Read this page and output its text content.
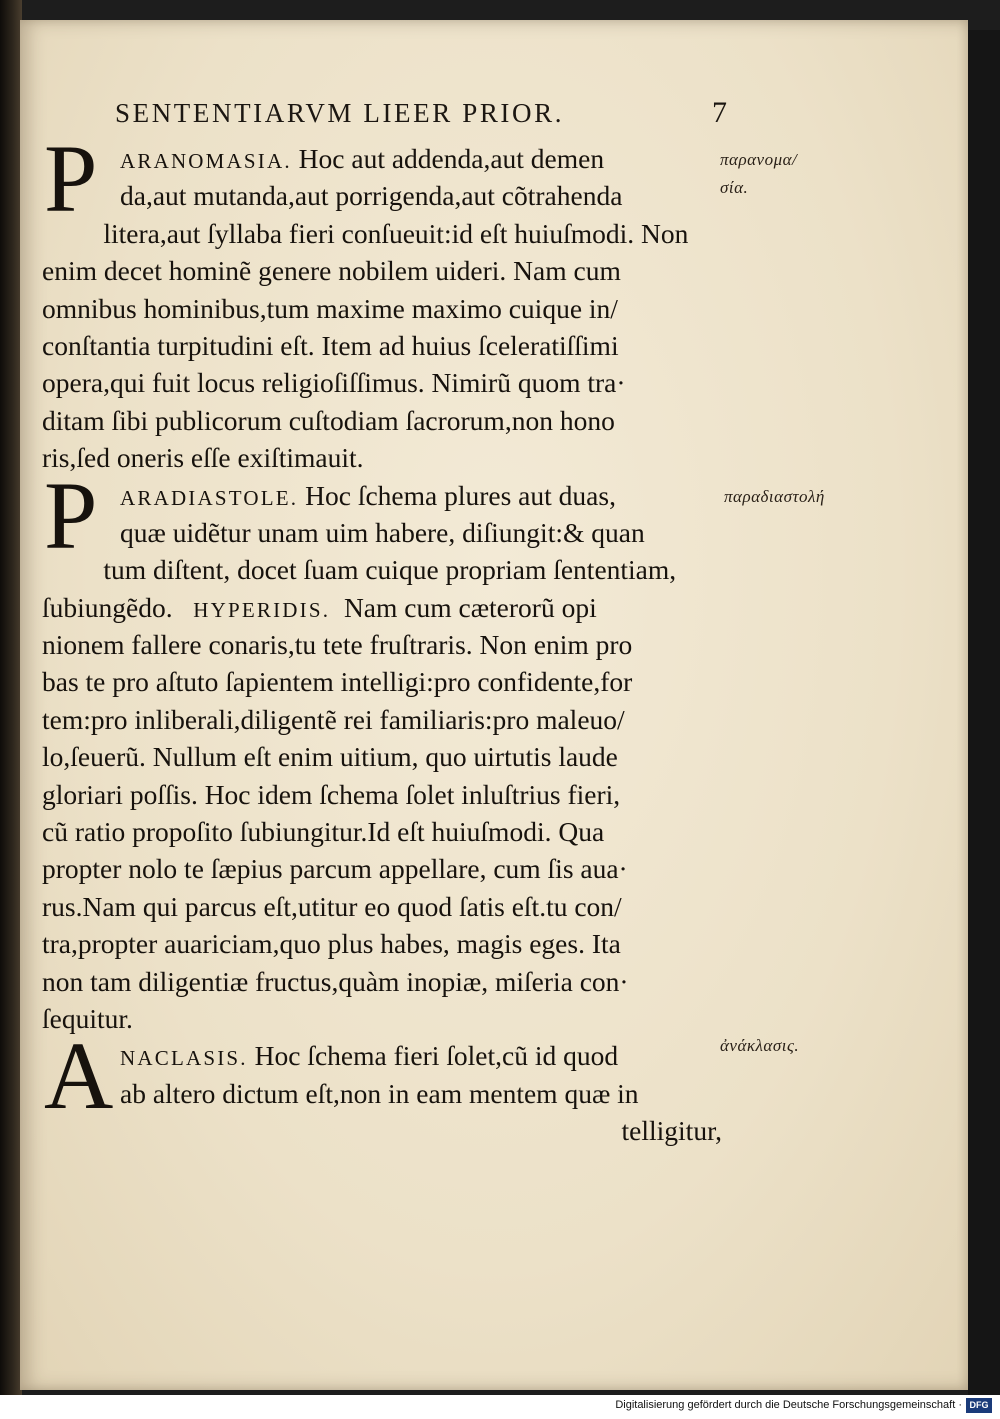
SENTENTIARVM LIEER PRIOR.	7
P	ARANOMASIA. Hoc aut addenda,aut demen
da,aut mutanda,aut porrigenda,aut cõtrahenda
litera,aut ſyllaba fieri conſueuit:id eſt huiuſmodi. Non
enim decet hominẽ genere nobilem uideri. Nam cum
omnibus hominibus,tum maxime maximo cuique in/
conſtantia turpitudini eſt. Item ad huius ſceleratiſſimi
opera,qui fuit locus religioſiſſimus. Nimirũ quom tra·
ditam ſibi publicorum cuſtodiam ſacrorum,non hono
ris,ſed oneris eſſe exiſtimauit.
P	ARADIASTOLE. Hoc ſchema plures aut duas,
quæ uidẽtur unam uim habere, diſiungit:& quan
tum diſtent, docet ſuam cuique propriam ſententiam,
ſubiungẽdo. HYPERIDIS. Nam cum cæterorũ opi
nionem fallere conaris,tu tete fruſtraris. Non enim pro
bas te pro aſtuto ſapientem intelligi:pro confidente,for
tem:pro inliberali,diligentẽ rei familiaris:pro maleuo/
lo,ſeuerũ. Nullum eſt enim uitium, quo uirtutis laude
gloriari poſſis. Hoc idem ſchema ſolet inluſtrius fieri,
cũ ratio propoſito ſubiungitur.Id eſt huiuſmodi. Qua
propter nolo te ſæpius parcum appellare, cum ſis aua·
rus.Nam qui parcus eſt,utitur eo quod ſatis eſt.tu con/
tra,propter auariciam,quo plus habes, magis eges. Ita
non tam diligentiæ fructus,quàm inopiæ, miſeria con·
ſequitur.
A NACLASIS. Hoc ſchema fieri ſolet,cũ id quod
ab altero dictum eſt,non in eam mentem quæ in
telligitur,
παρανομα/
σία.
παραδιαστολή
ἀνάκλασις.
Digitalisierung gefördert durch die Deutsche Forschungsgemeinschaft · DFG
